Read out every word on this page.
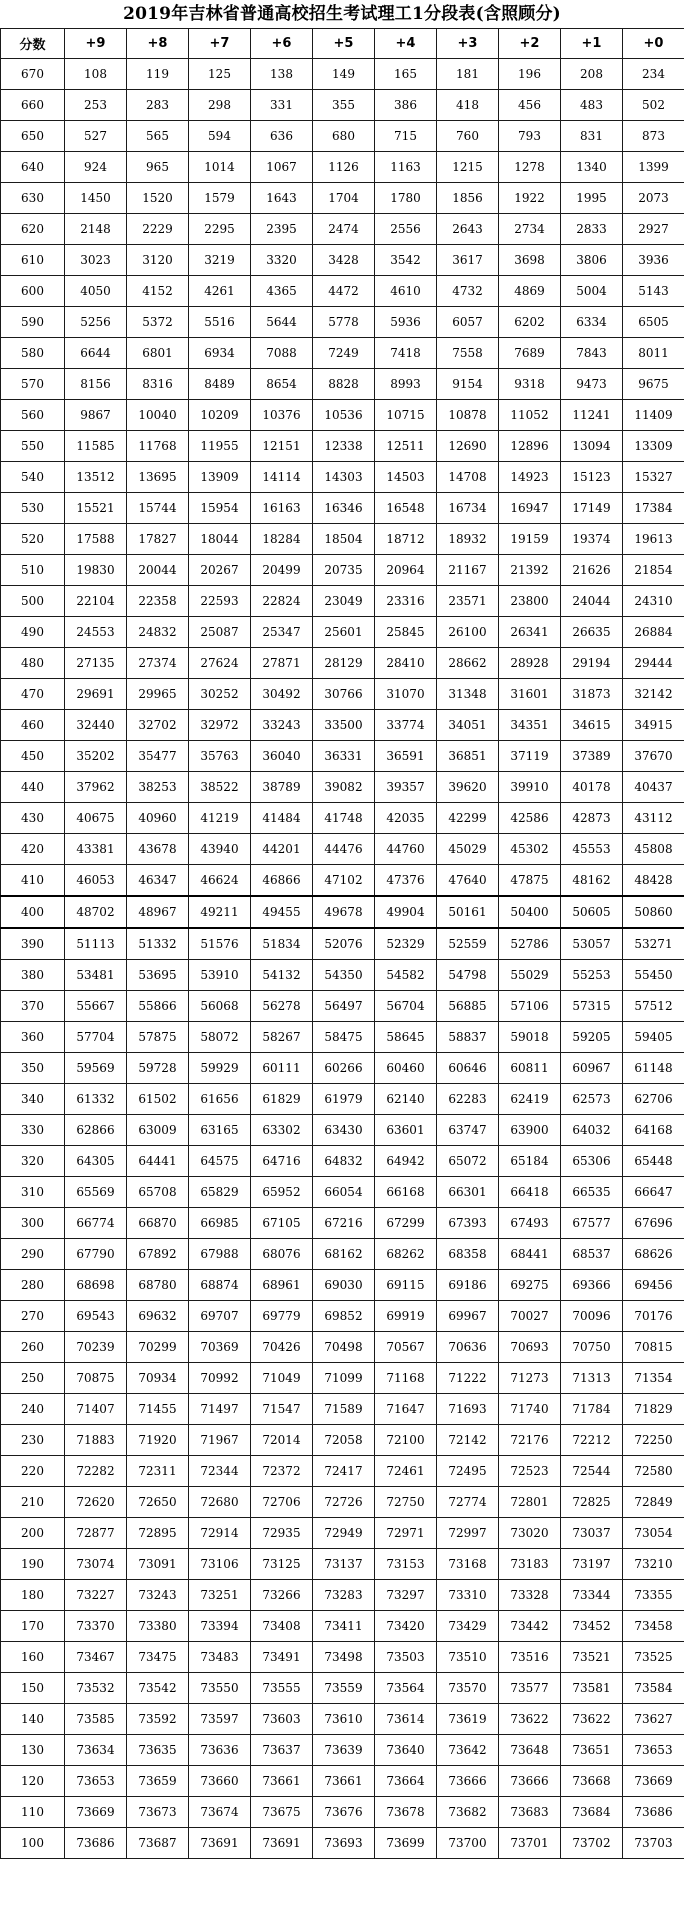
2019年吉林省普通高校招生考试理工1分段表(含照顾分)
分数	+9	+8	+7	+6	+5	+4	+3	+2	+1	+0
670	108	119	125	138	149	165	181	196	208	234
660	253	283	298	331	355	386	418	456	483	502
650	527	565	594	636	680	715	760	793	831	873
640	924	965	1014	1067	1126	1163	1215	1278	1340	1399
630	1450	1520	1579	1643	1704	1780	1856	1922	1995	2073
620	2148	2229	2295	2395	2474	2556	2643	2734	2833	2927
610	3023	3120	3219	3320	3428	3542	3617	3698	3806	3936
600	4050	4152	4261	4365	4472	4610	4732	4869	5004	5143
590	5256	5372	5516	5644	5778	5936	6057	6202	6334	6505
580	6644	6801	6934	7088	7249	7418	7558	7689	7843	8011
570	8156	8316	8489	8654	8828	8993	9154	9318	9473	9675
560	9867	10040	10209	10376	10536	10715	10878	11052	11241	11409
550	11585	11768	11955	12151	12338	12511	12690	12896	13094	13309
540	13512	13695	13909	14114	14303	14503	14708	14923	15123	15327
530	15521	15744	15954	16163	16346	16548	16734	16947	17149	17384
520	17588	17827	18044	18284	18504	18712	18932	19159	19374	19613
510	19830	20044	20267	20499	20735	20964	21167	21392	21626	21854
500	22104	22358	22593	22824	23049	23316	23571	23800	24044	24310
490	24553	24832	25087	25347	25601	25845	26100	26341	26635	26884
480	27135	27374	27624	27871	28129	28410	28662	28928	29194	29444
470	29691	29965	30252	30492	30766	31070	31348	31601	31873	32142
460	32440	32702	32972	33243	33500	33774	34051	34351	34615	34915
450	35202	35477	35763	36040	36331	36591	36851	37119	37389	37670
440	37962	38253	38522	38789	39082	39357	39620	39910	40178	40437
430	40675	40960	41219	41484	41748	42035	42299	42586	42873	43112
420	43381	43678	43940	44201	44476	44760	45029	45302	45553	45808
410	46053	46347	46624	46866	47102	47376	47640	47875	48162	48428
400	48702	48967	49211	49455	49678	49904	50161	50400	50605	50860
390	51113	51332	51576	51834	52076	52329	52559	52786	53057	53271
380	53481	53695	53910	54132	54350	54582	54798	55029	55253	55450
370	55667	55866	56068	56278	56497	56704	56885	57106	57315	57512
360	57704	57875	58072	58267	58475	58645	58837	59018	59205	59405
350	59569	59728	59929	60111	60266	60460	60646	60811	60967	61148
340	61332	61502	61656	61829	61979	62140	62283	62419	62573	62706
330	62866	63009	63165	63302	63430	63601	63747	63900	64032	64168
320	64305	64441	64575	64716	64832	64942	65072	65184	65306	65448
310	65569	65708	65829	65952	66054	66168	66301	66418	66535	66647
300	66774	66870	66985	67105	67216	67299	67393	67493	67577	67696
290	67790	67892	67988	68076	68162	68262	68358	68441	68537	68626
280	68698	68780	68874	68961	69030	69115	69186	69275	69366	69456
270	69543	69632	69707	69779	69852	69919	69967	70027	70096	70176
260	70239	70299	70369	70426	70498	70567	70636	70693	70750	70815
250	70875	70934	70992	71049	71099	71168	71222	71273	71313	71354
240	71407	71455	71497	71547	71589	71647	71693	71740	71784	71829
230	71883	71920	71967	72014	72058	72100	72142	72176	72212	72250
220	72282	72311	72344	72372	72417	72461	72495	72523	72544	72580
210	72620	72650	72680	72706	72726	72750	72774	72801	72825	72849
200	72877	72895	72914	72935	72949	72971	72997	73020	73037	73054
190	73074	73091	73106	73125	73137	73153	73168	73183	73197	73210
180	73227	73243	73251	73266	73283	73297	73310	73328	73344	73355
170	73370	73380	73394	73408	73411	73420	73429	73442	73452	73458
160	73467	73475	73483	73491	73498	73503	73510	73516	73521	73525
150	73532	73542	73550	73555	73559	73564	73570	73577	73581	73584
140	73585	73592	73597	73603	73610	73614	73619	73622	73622	73627
130	73634	73635	73636	73637	73639	73640	73642	73648	73651	73653
120	73653	73659	73660	73661	73661	73664	73666	73666	73668	73669
110	73669	73673	73674	73675	73676	73678	73682	73683	73684	73686
100	73686	73687	73691	73691	73693	73699	73700	73701	73702	73703
